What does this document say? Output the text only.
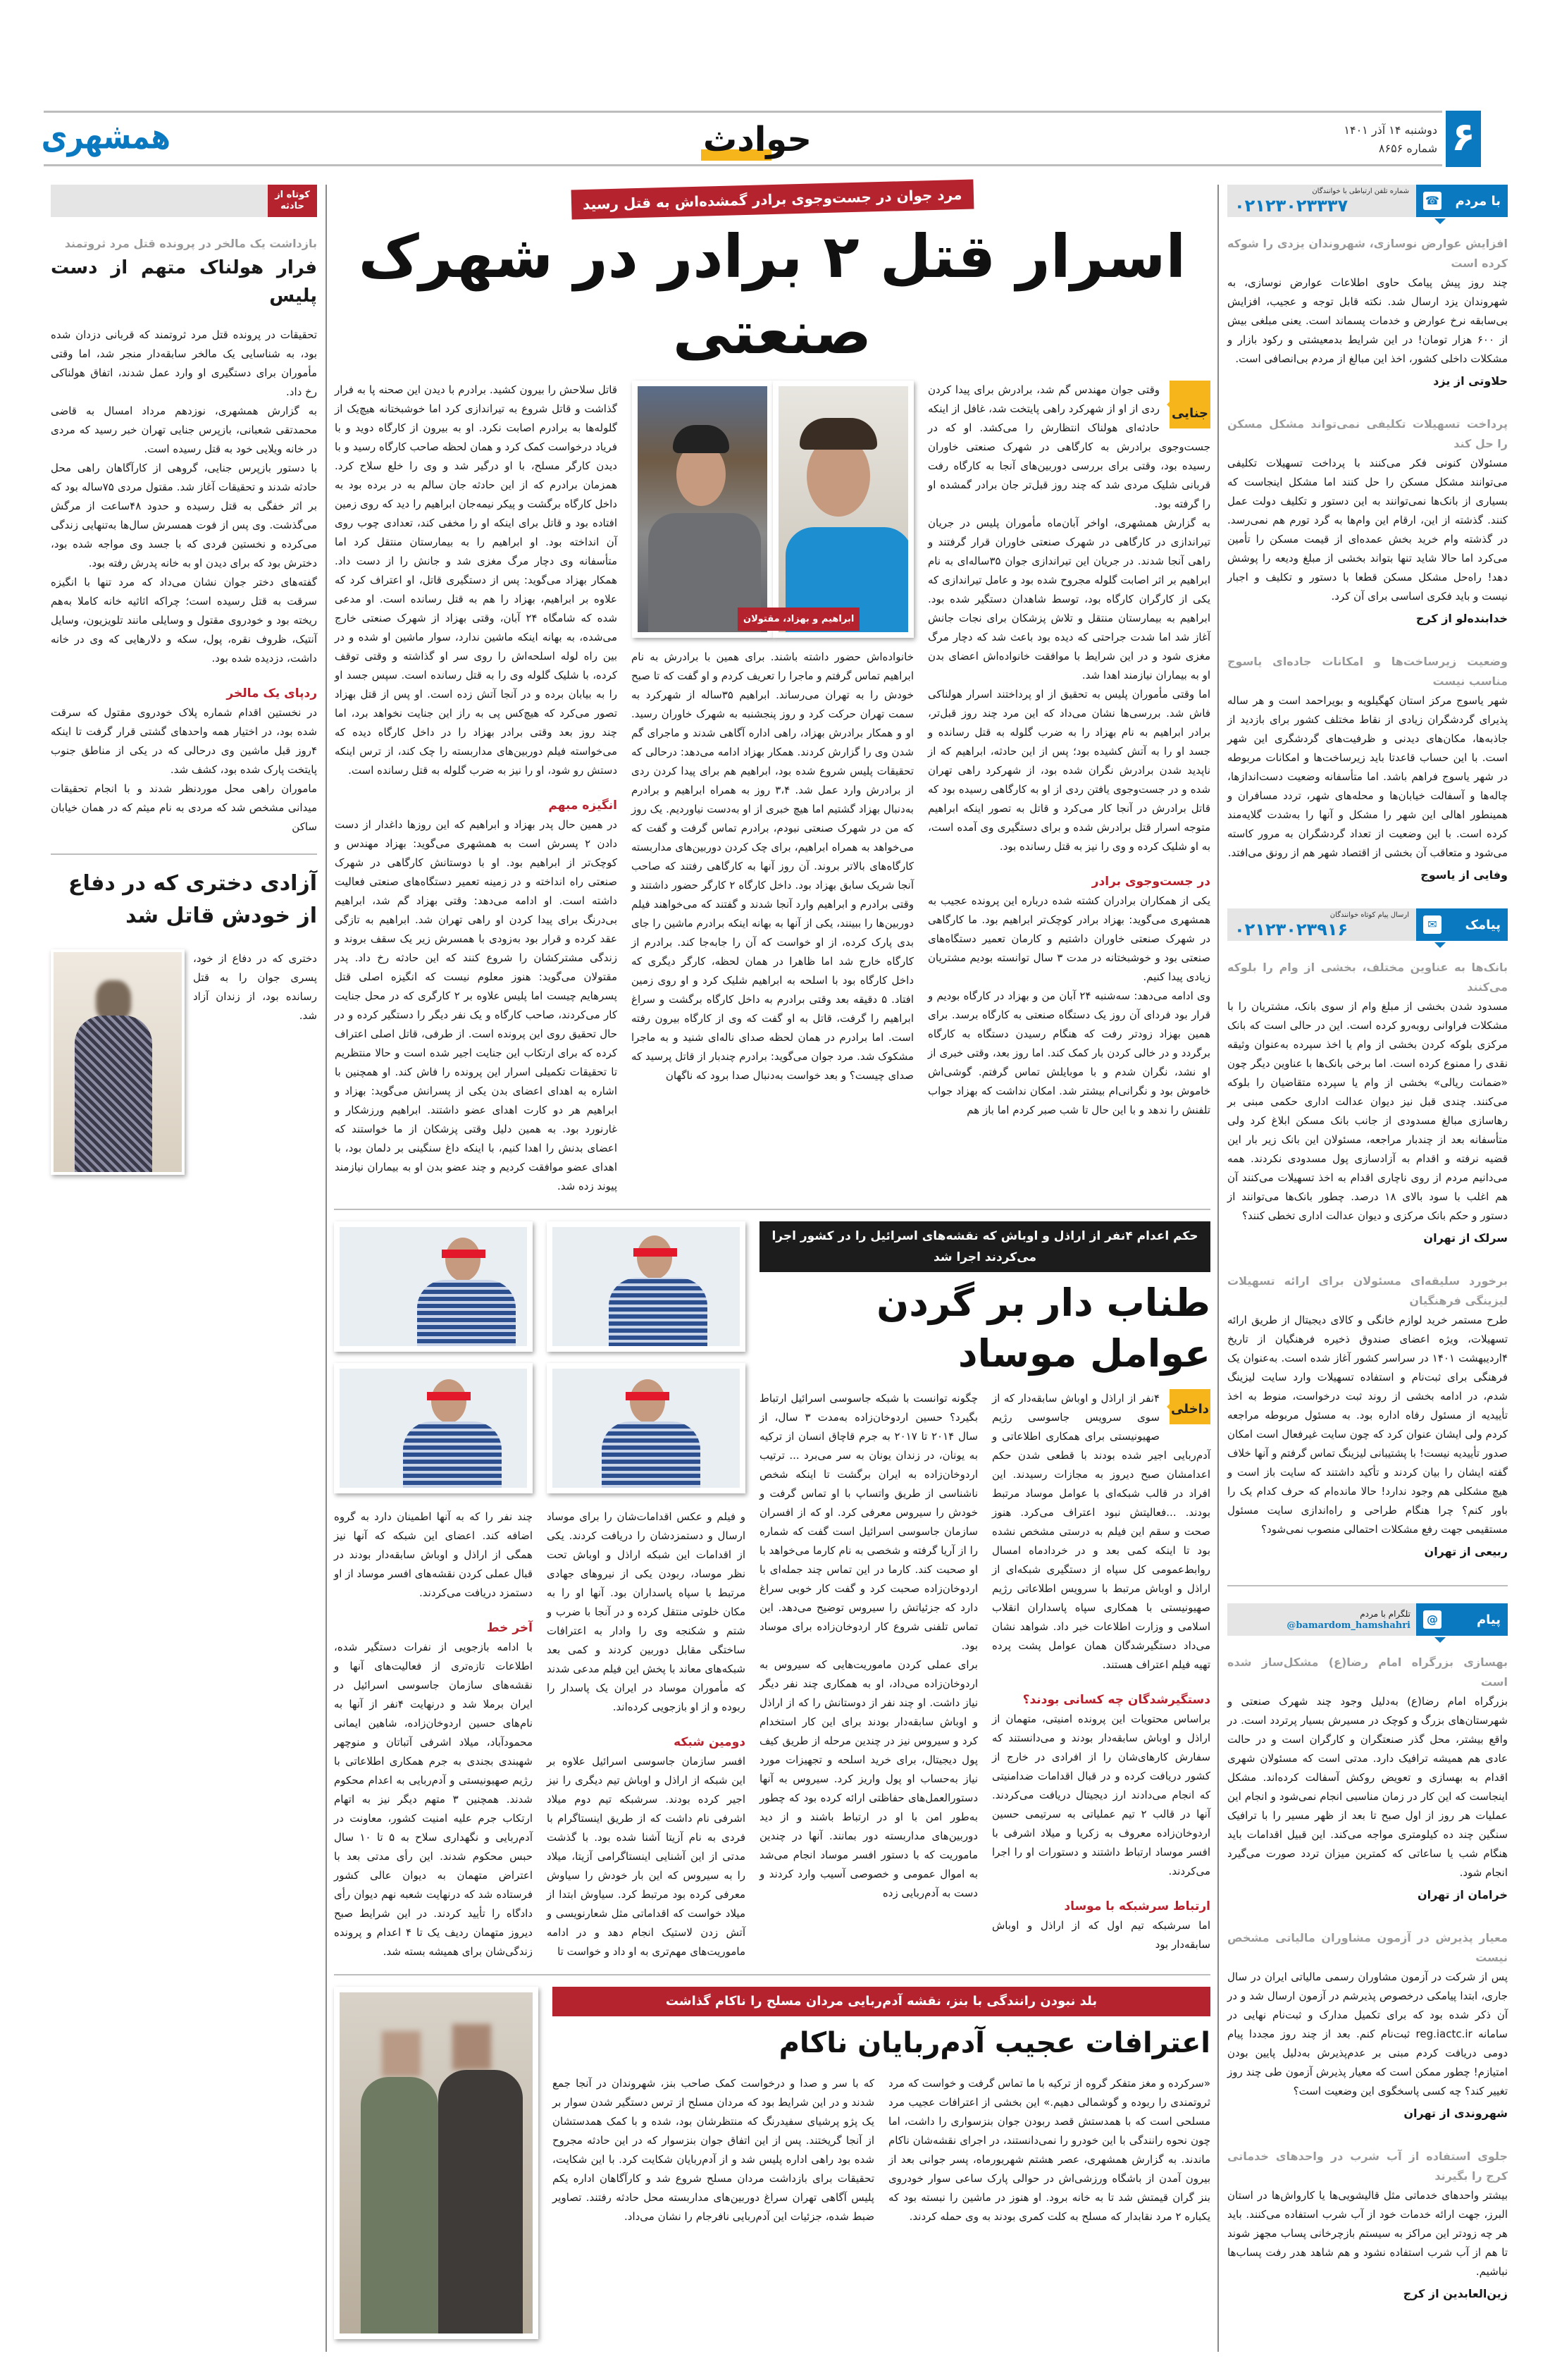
۶
دوشنبه ۱۴ آذر ۱۴۰۱
شماره ۸۶۵۶
همشهری	حوادث
با مردم
☎
شماره تلفن ارتباطی با خوانندگان
۰۲۱۲۳۰۲۳۳۳۷
افزایش عوارض نوسازی، شهروندان یزدی را شوکه کرده است

چند روز پیش پیامک حاوی اطلاعات عوارض نوسازی، به شهروندان یزد ارسال شد. نکته قابل توجه و عجیب، افزایش بی‌سابقه نرخ عوارض و خدمات پسماند است. یعنی مبلغی بیش از ۶۰۰ هزار تومان! در این شرایط بدمعیشتی و رکود بازار و مشکلات داخلی کشور، اخذ این مبالغ از مردم بی‌انصافی است.

حلاوتی از یزد
پرداخت تسهیلات تکلیفی نمی‌تواند مشکل مسکن را حل کند

مسئولان کنونی فکر می‌کنند با پرداخت تسهیلات تکلیفی می‌توانند مشکل مسکن را حل کنند اما مشکل اینجاست که بسیاری از بانک‌ها نمی‌توانند به این دستور و تکلیف دولت عمل کنند. گذشته از این، ارقام این وام‌ها به گرد تورم هم نمی‌رسد. در گذشته وام خرید بخش عمده‌ای از قیمت مسکن را تأمین می‌کرد اما حالا شاید تنها بتواند بخشی از مبلغ ودیعه را پوشش دهد! راه‌حل مشکل مسکن قطعا با دستور و تکلیف و اجبار نیست و باید فکری اساسی برای آن کرد.

خدابنده‌لو از کرج
وضعیت زیرساخت‌ها و امکانات جاده‌ای یاسوج مناسب نیست

شهر یاسوج مرکز استان کهگیلویه و بویراحمد است و هر ساله پذیرای گردشگران زیادی از نقاط مختلف کشور برای بازدید از جاذبه‌ها، مکان‌های دیدنی و ظرفیت‌های گردشگری این شهر است. با این حساب قاعدتا باید زیرساخت‌ها و امکانات مربوطه در شهر یاسوج فراهم باشد. اما متأسفانه وضعیت دست‌اندازها، چاله‌ها و آسفالت خیابان‌ها و محله‌های شهر، تردد مسافران و همینطور اهالی این شهر را مشکل و آنها را به‌شدت گلایه‌مند کرده است. با این وضعیت از تعداد گردشگران به مرور کاسته می‌شود و متعاقب آن بخشی از اقتصاد شهر هم از رونق می‌افتد.

وفایی از یاسوج
پیامک
✉
ارسال پیام کوتاه خوانندگان
۰۲۱۲۳۰۲۳۹۱۶
بانک‌ها به عناوین مختلف، بخشی از وام را بلوکه می‌کنند

مسدود شدن بخشی از مبلغ وام از سوی بانک، مشتریان را با مشکلات فراوانی روبه‌رو کرده است. این در حالی است که بانک مرکزی بلوکه کردن بخشی از وام یا اخذ سپرده به‌عنوان وثیقه نقدی را ممنوع کرده است. اما برخی بانک‌ها با عناوین دیگر چون «ضمانت ریالی» بخشی از وام یا سپرده متقاضیان را بلوکه می‌کنند. چندی قبل نیز دیوان عدالت اداری حکمی مبنی بر رهاسازی مبالغ مسدودی از جانب بانک مسکن ابلاغ کرد ولی متأسفانه بعد از چندبار مراجعه، مسئولان این بانک زیر بار این قضیه نرفته و اقدام به آزادسازی پول مسدودی نکردند. همه می‌دانیم مردم از روی ناچاری اقدام به اخذ تسهیلات می‌کنند آن هم اغلب با سود بالای ۱۸ درصد. چطور بانک‌ها می‌توانند از دستور و حکم بانک مرکزی و دیوان عدالت اداری تخطی کنند؟

سرلک از تهران
برخورد سلیقه‌ای مسئولان برای ارائه تسهیلات لیزینگی فرهنگیان

طرح مستمر خرید لوازم خانگی و کالای دیجیتال از طریق ارائه تسهیلات، ویژه اعضای صندوق ذخیره فرهنگیان از تاریخ ۴اردیبهشت ۱۴۰۱ در سراسر کشور آغاز شده است. به‌عنوان یک فرهنگی برای ثبت‌نام و استفاده تسهیلات وارد سایت لیزینگ شدم، در ادامه بخشی از روند ثبت درخواست، منوط به اخذ تأییدیه از مسئول رفاه اداره بود. به مسئول مربوطه مراجعه کردم ولی ایشان عنوان کرد که چون سایت غیرفعال است امکان صدور تأییدیه نیست! با پشتیبانی لیزینگ تماس گرفتم و آنها خلاف گفته ایشان را بیان کردند و تأکید داشتند که سایت باز است و هیچ مشکلی هم وجود ندارد! حالا مانده‌ام که حرف کدام یک را باور کنم؟ چرا هنگام طراحی و راه‌اندازی سایت مسئول مستقیمی جهت رفع مشکلات احتمالی منصوب نمی‌شود؟

ربیعی از تهران
پیام
@
تلگرام با مردم
@bamardom_hamshahri
بهسازی بزرگراه امام رضا(ع) مشکل‌ساز شده است

بزرگراه امام رضا(ع) به‌دلیل وجود چند شهرک صنعتی و شهرستان‌های بزرگ و کوچک در مسیرش بسیار پرتردد است. در واقع بیشتر، محل گذر صنعتگران و کارگران است و در حالت عادی هم همیشه ترافیک دارد. مدتی است که مسئولان شهری اقدام به بهسازی و تعویض روکش آسفالت کرده‌اند. مشکل اینجاست که این کار در زمان مناسبی انجام نمی‌شود و انجام این عملیات هر روز از اول صبح تا بعد از ظهر مسیر را با ترافیک سنگین چند ده کیلومتری مواجه می‌کند. این قبیل اقدامات باید هنگام شب یا ساعاتی که کمترین میزان تردد صورت می‌گیرد انجام شود.

خرامان از تهران
معیار پذیرش در آزمون مشاوران مالیاتی مشخص نیست

پس از شرکت در آزمون مشاوران رسمی مالیاتی ایران در سال جاری، ابتدا پیامکی درخصوص پذیرشم در آزمون ارسال شد و در آن ذکر شده بود که برای تکمیل مدارک و ثبت‌نام نهایی در سامانه reg.iactc.ir ثبت‌نام کنم. بعد از چند روز مجددا پیام دومی دریافت کردم مبنی بر عدم‌پذیرش به‌دلیل پایین بودن امتیازم! چطور ممکن است که معیار پذیرش آزمون طی چند روز تغییر کند؟ چه کسی پاسخگوی این وضعیت است؟

شهروندی از تهران
جلوی استفاده از آب شرب در واحدهای خدماتی کرج را بگیرند

بیشتر واحدهای خدماتی مثل قالیشویی‌ها یا کارواش‌ها در استان البرز، جهت ارائه خدمات خود از آب شرب استفاده می‌کنند. باید هر چه زودتر این مراکز به سیستم بازچرخانی پساب مجهز شوند تا هم از آب شرب استفاده نشود و هم شاهد هدر رفت پساب‌ها نباشیم.

زین‌العابدین از کرج
مرد جوان در جست‌وجوی برادر گمشده‌اش به قتل رسید
اسرار قتل ۲ برادر در شهرک صنعتی
جنایی

وقتی جوان مهندس گم شد، برادرش برای پیدا کردن ردی از او از شهرکرد راهی پایتخت شد، غافل از اینکه حادثه‌ای هولناک انتظارش را می‌کشد. او که در جست‌وجوی برادرش به کارگاهی در شهرک صنعتی خاوران رسیده بود، وقتی برای بررسی دوربین‌های آنجا به کارگاه رفت قربانی شلیک مردی شد که چند روز قبل‌تر جان برادر گمشده او را گرفته بود.

به گزارش همشهری، اواخر آبان‌ماه مأموران پلیس در جریان تیراندازی در کارگاهی در شهرک صنعتی خاوران قرار گرفتند و راهی آنجا شدند. در جریان این تیراندازی جوان ۳۵ساله‌ای به نام ابراهیم بر اثر اصابت گلوله مجروح شده بود و عامل تیراندازی که یکی از کارگران کارگاه بود، توسط شاهدان دستگیر شده بود. ابراهیم به بیمارستان منتقل و تلاش پزشکان برای نجات جانش آغاز شد اما شدت جراحتی که دیده بود باعث شد که دچار مرگ مغزی شود و در این شرایط با موافقت خانواده‌اش اعضای بدن او به بیماران نیازمند اهدا شد.

اما وقتی مأموران پلیس به تحقیق از او پرداختند اسرار هولناکی فاش شد. بررسی‌ها نشان می‌داد که این مرد چند روز قبل‌تر، برادر ابراهیم به نام بهزاد را به ضرب گلوله به قتل رسانده و جسد او را به آتش کشیده بود؛ پس از این حادثه، ابراهیم که از ناپدید شدن برادرش نگران شده بود، از شهرکرد راهی تهران شده و در جست‌وجوی یافتن ردی از او به کارگاهی رسیده بود که قاتل برادرش در آنجا کار می‌کرد و قاتل به تصور اینکه ابراهیم متوجه اسرار قتل برادرش شده و برای دستگیری وی آمده است، به او شلیک کرده و وی را نیز به قتل رسانده بود.

در جست‌وجوی برادر

یکی از همکاران برادران کشته شده درباره این پرونده عجیب به همشهری می‌گوید: بهزاد برادر کوچک‌تر ابراهیم بود. ما کارگاهی در شهرک صنعتی خاوران داشتیم و کارمان تعمیر دستگاه‌های صنعتی بود و خوشبختانه در مدت ۳ سال توانسته بودیم مشتریان زیادی پیدا کنیم.

وی ادامه می‌دهد: سه‌شنبه ۲۴ آبان من و بهزاد در کارگاه بودیم و قرار بود فردای آن روز یک دستگاه صنعتی به کارگاه برسد. برای همین بهزاد زودتر رفت که هنگام رسیدن دستگاه به کارگاه برگردد و در خالی کردن بار کمک کند. اما روز بعد، وقتی خبری از او نشد، نگران شدم و با موبایلش تماس گرفتم. گوشی‌اش خاموش بود و نگرانی‌ام بیشتر شد. امکان نداشت که بهزاد جواب تلفنش را ندهد و با این حال تا شب صبر کردم اما باز هم

ابراهیم و بهزاد، مقتولان

خانواده‌اش حضور داشته باشند. برای همین با برادرش به نام ابراهیم تماس گرفتم و ماجرا را تعریف کردم و او گفت که تا صبح خودش را به تهران می‌رساند. ابراهیم ۳۵ساله از شهرکرد به سمت تهران حرکت کرد و روز پنجشنبه به شهرک خاوران رسید. او و همکار برادرش بهزاد، راهی اداره آگاهی شدند و ماجرای گم شدن وی را گزارش کردند. همکار بهزاد ادامه می‌دهد: درحالی که تحقیقات پلیس شروع شده بود، ابراهیم هم برای پیدا کردن ردی از برادرش وارد عمل شد. ۳،۴ روز به همراه ابراهیم و برادرم به‌دنبال بهزاد گشتیم اما هیچ خبری از او به‌دست نیاوردیم. یک روز که من در شهرک صنعتی نبودم، برادرم تماس گرفت و گفت که می‌خواهد به همراه ابراهیم، برای چک کردن دوربین‌های مداربسته کارگاه‌های بالاتر بروند. آن روز آنها به کارگاهی رفتند که صاحب آنجا شریک سابق بهزاد بود. داخل کارگاه ۲ کارگر حضور داشتند و وقتی برادرم و ابراهیم وارد آنجا شدند و گفتند که می‌خواهند فیلم دوربین‌ها را ببینند، یکی از آنها به بهانه اینکه برادرم ماشین را جای بدی پارک کرده، از او خواست که آن را جابه‌جا کند. برادرم از کارگاه خارج شد اما ظاهرا در همان لحظه، کارگر دیگری که داخل کارگاه بود با اسلحه به ابراهیم شلیک کرد و او روی زمین افتاد. ۵ دقیقه بعد وقتی برادرم به داخل کارگاه برگشت و سراغ ابراهیم را گرفت، قاتل به او گفت که وی از کارگاه بیرون رفته است. اما برادرم در همان لحظه صدای ناله‌ای شنید و به ماجرا مشکوک شد. مرد جوان می‌گوید: برادرم چندبار از قاتل پرسید که صدای چیست؟ و بعد خواست به‌دنبال صدا برود که ناگهان

قاتل سلاحش را بیرون کشید. برادرم با دیدن این صحنه پا به فرار گذاشت و قاتل شروع به تیراندازی کرد اما خوشبختانه هیچ‌یک از گلوله‌ها به برادرم اصابت نکرد. او به بیرون از کارگاه دوید و با فریاد درخواست کمک کرد و همان لحظه صاحب کارگاه رسید و با دیدن کارگر مسلح، با او درگیر شد و وی را خلع سلاح کرد. همزمان برادرم که از این حادثه جان سالم به در برده بود به داخل کارگاه برگشت و پیکر نیمه‌جان ابراهیم را دید که روی زمین افتاده بود و قاتل برای اینکه او را مخفی کند، تعدادی چوب روی آن انداخته بود. او ابراهیم را به بیمارستان منتقل کرد اما متأسفانه وی دچار مرگ مغزی شد و جانش را از دست داد. همکار بهزاد می‌گوید: پس از دستگیری قاتل، او اعتراف کرد که علاوه بر ابراهیم، بهزاد را هم به قتل رسانده است. او مدعی شده که شامگاه ۲۴ آبان، وقتی بهزاد از شهرک صنعتی خارج می‌شده، به بهانه اینکه ماشین ندارد، سوار ماشین او شده و در بین راه لوله اسلحه‌اش را روی سر او گذاشته و وقتی توقف کرده، با شلیک گلوله وی را به قتل رسانده است. سپس جسد او را به بیابان برده و در آنجا آتش زده است. او پس از قتل بهزاد تصور می‌کرد که هیچ‌کس پی به راز این جنایت نخواهد برد، اما چند روز بعد وقتی برادر بهزاد را در داخل کارگاه دیده که می‌خواسته فیلم دوربین‌های مداربسته را چک کند، از ترس اینکه دستش رو شود، او را نیز به ضرب گلوله به قتل رسانده است.

انگیزه مبهم

در همین حال پدر بهزاد و ابراهیم که این روزها داغدار از دست دادن ۲ پسرش است به همشهری می‌گوید: بهزاد مهندس و کوچک‌تر از ابراهیم بود. او با دوستانش کارگاهی در شهرک صنعتی راه انداخته و در زمینه تعمیر دستگاه‌های صنعتی فعالیت داشته است. او ادامه می‌دهد: وقتی بهزاد گم شد، ابراهیم بی‌درنگ برای پیدا کردن او راهی تهران شد. ابراهیم به تازگی عقد کرده و قرار بود به‌زودی با همسرش زیر یک سقف بروند و زندگی مشترکشان را شروع کنند که این حادثه رخ داد. پدر مقتولان می‌گوید: هنوز معلوم نیست که انگیزه اصلی قتل پسرهایم چیست اما پلیس علاوه بر ۲ کارگری که در محل جنایت کار می‌کردند، صاحب کارگاه و یک نفر دیگر را دستگیر کرده و در حال تحقیق روی این پرونده است. از طرفی، قاتل اصلی اعتراف کرده که برای ارتکاب این جنایت اجیر شده است و حالا منتظریم تا تحقیقات تکمیلی اسرار این پرونده را فاش کند. او همچنین با اشاره به اهدای اعضای بدن یکی از پسرانش می‌گوید: بهزاد و ابراهیم هر دو کارت اهدای عضو داشتند. ابراهیم ورزشکار و غارنورد بود. به همین دلیل وقتی پزشکان از ما خواستند که اعضای بدنش را اهدا کنیم، با اینکه داغ سنگینی بر دلمان بود، با اهدای عضو موافقت کردیم و چند عضو بدن او به بیماران نیازمند پیوند زده شد.

حکم اعدام ۴نفر از اراذل و اوباش که نقشه‌های اسرائیل را در کشور اجرا می‌کردند اجرا شد
طناب دار بر گردن عوامل موساد
داخلی

۴نفر از اراذل و اوباش سابقه‌دار که از سوی سرویس جاسوسی رژیم صهیونیستی برای همکاری اطلاعاتی و آدم‌ربایی اجیر شده بودند با قطعی شدن حکم اعدامشان صبح دیروز به مجازات رسیدند. این افراد در قالب شبکه‌ای با عوامل موساد مرتبط بودند. ...فعالیتش نبود اعتراف می‌کرد. هنوز صحت و سقم این فیلم به درستی مشخص نشده بود تا اینکه کمی بعد و در خردادماه امسال روابط‌عمومی کل سپاه از دستگیری شبکه‌ای از اراذل و اوباش مرتبط با سرویس اطلاعاتی رژیم صهیونیستی با همکاری سپاه پاسداران انقلاب اسلامی و وزارت اطلاعات خبر داد. شواهد نشان می‌داد دستگیرشدگان همان عوامل پشت پرده تهیه فیلم اعتراف هستند.

دستگیرشدگان چه کسانی بودند؟

براساس محتویات این پرونده امنیتی، متهمان از اراذل و اوباش سابقه‌دار بودند و می‌دانستند که سفارش کارهای‌شان را از افرادی در خارج از کشور دریافت کرده و در قبال اقدامات ضدامنیتی که انجام می‌دادند ارز دیجیتال دریافت می‌کردند. آنها در قالب ۲ تیم عملیاتی به سرتیمی حسین اردوخان‌زاده معروف به زکریا و میلاد اشرفی با افسر موساد ارتباط داشتند و دستورات او را اجرا می‌کردند.

ارتباط سرشبکه با موساد

اما سرشبکه تیم اول که از اراذل و اوباش سابقه‌دار بود

چگونه توانست با شبکه جاسوسی اسرائیل ارتباط بگیرد؟ حسین اردوخان‌زاده به‌مدت ۳ سال، از سال ۲۰۱۴ تا ۲۰۱۷ به جرم قاچاق انسان از ترکیه به یونان، در زندان یونان به سر می‌برد ... ترتیب اردوخان‌زاده به ایران برگشت تا اینکه شخص ناشناسی از طریق واتساپ با او تماس گرفت و خودش را سیروس معرفی کرد. او که از افسران سازمان جاسوسی اسرائیل است گفت که شماره را از آریا گرفته و شخصی به نام کارما می‌خواهد با او صحبت کند. کارما در این تماس چند جمله‌ای با اردوخان‌زاده صحبت کرد و گفت کار خوبی سراغ دارد که جزئیاتش را سیروس توضیح می‌دهد. این تماس تلفنی شروع کار اردوخان‌زاده برای موساد بود.

برای عملی کردن ماموریت‌هایی که سیروس به اردوخان‌زاده می‌داد، او به همکاری چند نفر دیگر نیاز داشت. او چند نفر از دوستانش را که از اراذل و اوباش سابقه‌دار بودند برای این کار استخدام کرد و سیروس نیز در چندین مرحله از طریق کیف پول دیجیتال، برای خرید اسلحه و تجهیزات مورد نیاز به‌حساب او پول واریز کرد. سیروس به آنها دستورالعمل‌های حفاظتی ارائه کرده بود که چطور به‌طور امن با او در ارتباط باشند و از دید دوربین‌های مداربسته دور بمانند. آنها در چندین ماموریت که با دستور افسر موساد انجام می‌شد به اموال عمومی و خصوصی آسیب وارد کردند و دست به آدم‌ربایی زده

و فیلم و عکس اقدامات‌شان را برای موساد ارسال و دستمزدشان را دریافت کردند. یکی از اقدامات این شبکه اراذل و اوباش تحت نظر موساد، ربودن یکی از نیروهای جهادی مرتبط با سپاه پاسداران بود. آنها او را به مکان خلوتی منتقل کرده و در آنجا با ضرب و شتم و شکنجه وی را وادار به اعترافات ساختگی مقابل دوربین کردند و کمی بعد شبکه‌های معاند با پخش این فیلم مدعی شدند که مأموران موساد در ایران یک پاسدار را ربوده و از او بازجویی کرده‌اند.

دومین شبکه

افسر سازمان جاسوسی اسرائیل علاوه بر این شبکه از اراذل و اوباش تیم دیگری را نیز اجیر کرده بودند. سرشبکه تیم دوم میلاد اشرفی نام داشت که از طریق اینستاگرام با فردی به نام آزیتا آشنا شده بود. با گذشت مدتی از این آشنایی اینستاگرامی آزیتا، میلاد را به سیروس که این بار خودش را سیاوش معرفی کرده بود مرتبط کرد. سیاوش ابتدا از میلاد خواست که اقداماتی مثل شعارنویسی و آتش زدن لاستیک انجام دهد و در ادامه ماموریت‌های مهم‌تری به او داد و خواست تا

چند نفر را که به آنها اطمینان دارد به گروه اضافه کند. اعضای این شبکه که آنها نیز همگی از اراذل و اوباش سابقه‌دار بودند در قبال عملی کردن نقشه‌های افسر موساد از او دستمزد دریافت می‌کردند.

آخر خط

با ادامه بازجویی از نفرات دستگیر شده، اطلاعات تازه‌تری از فعالیت‌های آنها و نقشه‌های سازمان جاسوسی اسرائیل در ایران برملا شد و درنهایت ۴نفر از آنها به نام‌های حسین اردوخان‌زاده، شاهین ایمانی محمودآباد، میلاد اشرفی آتباتان و منوچهر شهبندی بجندی به جرم همکاری اطلاعاتی با رژیم صهیونیستی و آدم‌ربایی به اعدام محکوم شدند. همچنین ۳ متهم دیگر نیز به اتهام ارتکاب جرم علیه امنیت کشور، معاونت در آدم‌ربایی و نگهداری سلاح به ۵ تا ۱۰ سال حبس محکوم شدند. این رأی مدتی بعد با اعتراض متهمان به دیوان عالی کشور فرستاده شد که درنهایت شعبه نهم دیوان رأی دادگاه را تأیید کردند. در این شرایط صبح دیروز متهمان ردیف یک تا ۴ اعدام و پرونده زندگی‌شان برای همیشه بسته شد.

بلد نبودن رانندگی با بنز، نقشه آدم‌ربایی مردان مسلح را ناکام گذاشت
اعترافات عجیب آدم‌ربایان ناکام

«سرکرده و مغز متفکر گروه از ترکیه با ما تماس گرفت و خواست که مرد ثروتمندی را ربوده و گوشمالی دهیم.» این بخشی از اعترافات عجیب مرد مسلحی است که با همدستش قصد ربودن جوان بنزسواری را داشت، اما چون نحوه رانندگی با این خودرو را نمی‌دانستند، در اجرای نقشه‌شان ناکام ماندند. به گزارش همشهری، عصر هشتم شهریورماه، پسر جوانی بعد از بیرون آمدن از باشگاه ورزشی‌اش در حوالی پارک ساعی سوار خودروی بنز گران قیمتش شد تا به خانه برود. او هنوز در ماشین را نبسته بود که یکباره ۲ مرد نقابدار که مسلح به کلت کمری بودند به وی حمله کردند.

که با سر و صدا و درخواست کمک صاحب بنز، شهروندان در آنجا جمع شدند و در این شرایط بود که مردان مسلح از ترس دستگیر شدن سوار بر یک پژو پرشیای سفیدرنگ که منتظرشان بود، شده و با کمک همدستشان از آنجا گریختند. پس از این اتفاق جوان بنزسوار که در این حادثه مجروح شده بود راهی اداره پلیس شد و از آدم‌ربایان شکایت کرد. با این شکایت، تحقیقات برای بازداشت مردان مسلح شروع شد و کارآگاهان اداره یکم پلیس آگاهی تهران سراغ دوربین‌های مداربسته محل حادثه رفتند. تصاویر ضبط شده، جزئیات این آدم‌ربایی نافرجام را نشان می‌داد.

کوتاه از حادثه
بازداشت یک مالخر در پرونده قتل مرد ثروتمند
فرار هولناک متهم از دست پلیس

تحقیقات در پرونده قتل مرد ثروتمند که قربانی دزدان شده بود، به شناسایی یک مالخر سابقه‌دار منجر شد، اما وقتی مأموران برای دستگیری او وارد عمل شدند، اتفاق هولناکی رخ داد.

به گزارش همشهری، نوزدهم مرداد امسال به قاضی محمدتقی شعبانی، بازپرس جنایی تهران خبر رسید که مردی در خانه ویلایی خود به قتل رسیده است.

با دستور بازپرس جنایی، گروهی از کارآگاهان راهی محل حادثه شدند و تحقیقات آغاز شد. مقتول مردی ۷۵ساله بود که بر اثر خفگی به قتل رسیده و حدود ۴۸ساعت از مرگش می‌گذشت. وی پس از فوت همسرش سال‌ها به‌تنهایی زندگی می‌کرده و نخستین فردی که با جسد وی مواجه شده بود، دخترش بود که برای دیدن او به خانه پدرش رفته بود.

گفته‌های دختر جوان نشان می‌داد که مرد تنها با انگیزه سرقت به قتل رسیده است؛ چراکه اثاثیه خانه کاملا به‌هم ریخته بود و خودروی مقتول و وسایلی مانند تلویزیون، وسایل آنتیک، ظروف نقره، پول، سکه و دلارهایی که وی در خانه داشت، دزدیده شده بود.

ردپای یک مالخر

در نخستین اقدام شماره پلاک خودروی مقتول که سرقت شده بود، در اختیار همه واحدهای گشتی قرار گرفت تا اینکه ۴روز قبل ماشین وی درحالی که در یکی از مناطق جنوب پایتخت پارک شده بود، کشف شد.

ماموران راهی محل موردنظر شدند و با انجام تحقیقات میدانی مشخص شد که مردی به نام میثم که در همان خیابان ساکن

آزادی دختری که در دفاع از خودش قاتل شد

دختری که در دفاع از خود، پسری جوان را به قتل رسانده بود، از زندان آزاد شد.
